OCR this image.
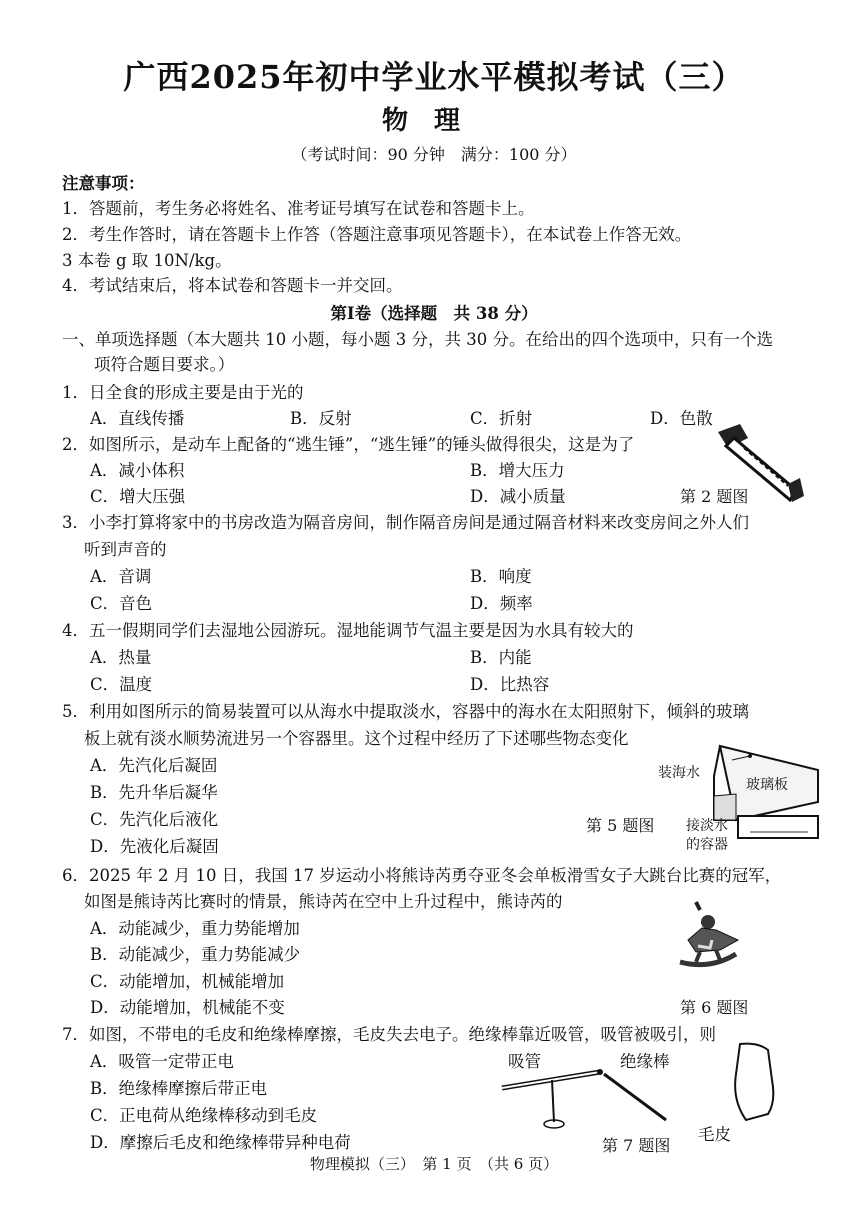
广西2025年初中学业水平模拟考试（三）
物理
（考试时间：90 分钟　满分：100 分）
注意事项：
1．答题前，考生务必将姓名、准考证号填写在试卷和答题卡上。
2．考生作答时，请在答题卡上作答（答题注意事项见答题卡），在本试卷上作答无效。
3 本卷 g 取 10N/kg。
4．考试结束后，将本试卷和答题卡一并交回。
第Ⅰ卷（选择题　共 38 分）
一、单项选择题（本大题共 10 小题，每小题 3 分，共 30 分。在给出的四个选项中，只有一个选
项符合题目要求。）
1．日全食的形成主要是由于光的
A．直线传播	B．反射	C．折射	D．色散
2．如图所示，是动车上配备的“逃生锤”，“逃生锤”的锤头做得很尖，这是为了
A．减小体积	B．增大压力
C．增大压强	D．减小质量	第 2 题图
3．小李打算将家中的书房改造为隔音房间，制作隔音房间是通过隔音材料来改变房间之外人们
听到声音的
A．音调	B．响度
C．音色	D．频率
4．五一假期同学们去湿地公园游玩。湿地能调节气温主要是因为水具有较大的
A．热量	B．内能
C．温度	D．比热容
5．利用如图所示的简易装置可以从海水中提取淡水，容器中的海水在太阳照射下，倾斜的玻璃
板上就有淡水顺势流进另一个容器里。这个过程中经历了下述哪些物态变化
A．先汽化后凝固
B．先升华后凝华
C．先汽化后液化
D．先液化后凝固
第 5 题图
装海水
玻璃板
接淡水
的容器
6．2025 年 2 月 10 日，我国 17 岁运动小将熊诗芮勇夺亚冬会单板滑雪女子大跳台比赛的冠军，
如图是熊诗芮比赛时的情景，熊诗芮在空中上升过程中，熊诗芮的
A．动能减少，重力势能增加
B．动能减少，重力势能减少
C．动能增加，机械能增加
D．动能增加，机械能不变	第 6 题图
7．如图，不带电的毛皮和绝缘棒摩擦，毛皮失去电子。绝缘棒靠近吸管，吸管被吸引，则
A．吸管一定带正电
B．绝缘棒摩擦后带正电
C．正电荷从绝缘棒移动到毛皮
D．摩擦后毛皮和绝缘棒带异种电荷	第 7 题图
吸管	绝缘棒
毛皮
物理模拟（三）　第 1 页　（共 6 页）
